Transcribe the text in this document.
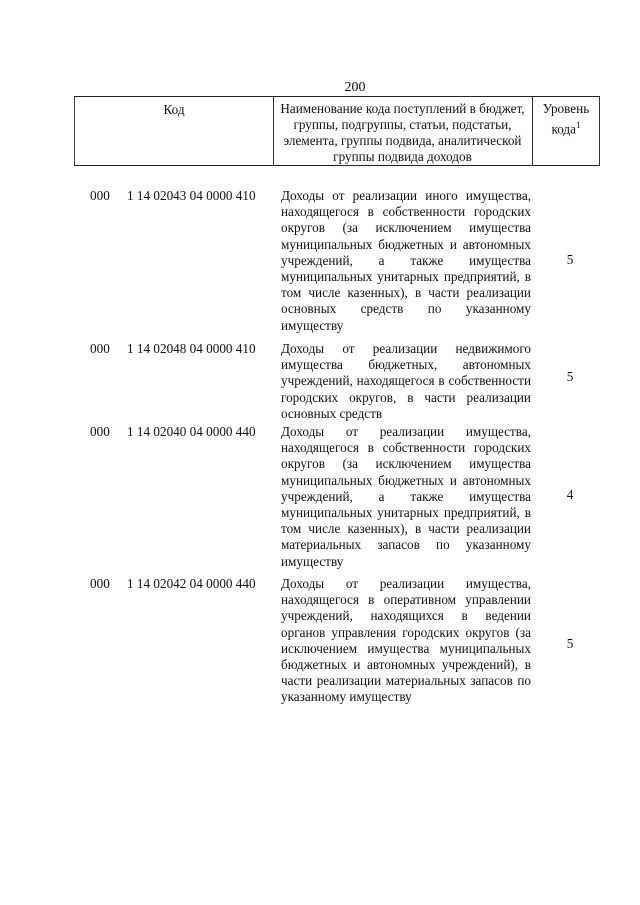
200
Код	Наименование кода поступлений в бюджет, группы, подгруппы, статьи, подстатьи, элемента, группы подвида, аналитической группы подвида доходов
Уровень кода$^1$
000 1 14 02043 04 0000 410 Доходы от реализации иного имущества, находящегося в собственности городских округов (за исключением имущества муниципальных бюджетных и автономных учреждений, а также имущества муниципальных унитарных предприятий, в том числе казенных), в части реализации основных средств по указанному имуществу
5
000 1 14 02048 04 0000 410 Доходы от реализации недвижимого имущества бюджетных, автономных учреждений, находящегося в собственности городских округов, в части реализации основных средств
5
000 1 14 02040 04 0000 440 Доходы от реализации имущества, находящегося в собственности городских округов (за исключением имущества муниципальных бюджетных и автономных учреждений, а также имущества муниципальных унитарных предприятий, в том числе казенных), в части реализации материальных запасов по указанному имуществу
4
000 1 14 02042 04 0000 440 Доходы от реализации имущества, находящегося в оперативном управлении учреждений, находящихся в ведении органов управления городских округов (за исключением имущества муниципальных бюджетных и автономных учреждений), в части реализации материальных запасов по указанному имуществу
5
